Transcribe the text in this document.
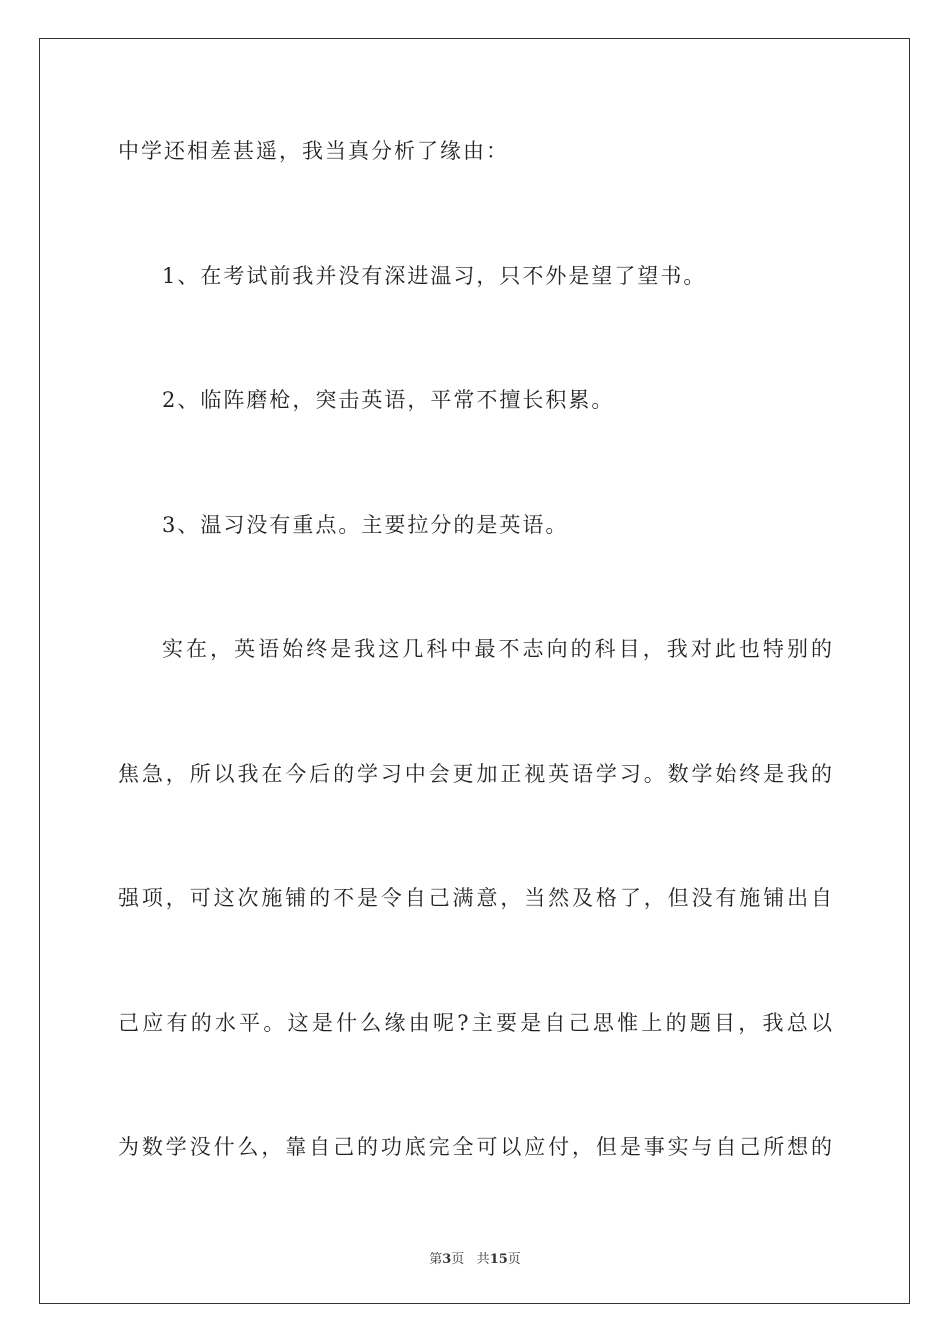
中学还相差甚遥，我当真分析了缘由：
1、在考试前我并没有深进温习，只不外是望了望书。
2、临阵磨枪，突击英语，平常不擅长积累。
3、温习没有重点。主要拉分的是英语。
实在，英语始终是我这几科中最不志向的科目，我对此也特别的
焦急，所以我在今后的学习中会更加正视英语学习。数学始终是我的
强项，可这次施铺的不是令自己满意，当然及格了，但没有施铺出自
己应有的水平。这是什么缘由呢?主要是自己思惟上的题目，我总以
为数学没什么，靠自己的功底完全可以应付，但是事实与自己所想的
第3页 共15页
